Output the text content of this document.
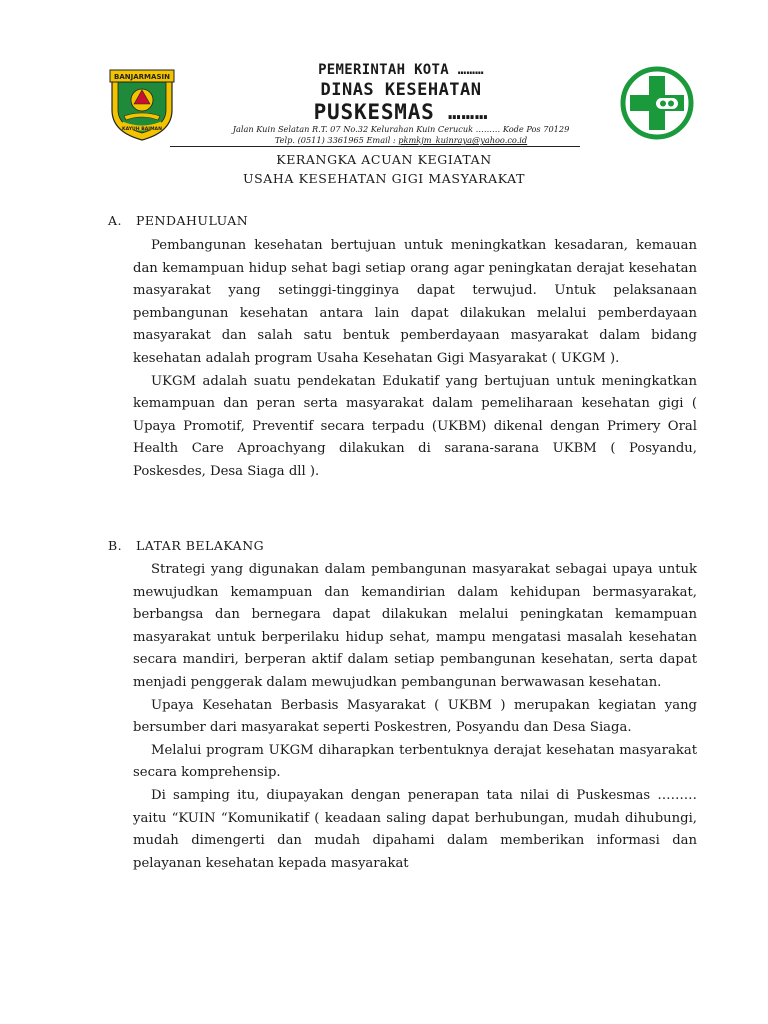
BANJARMASIN
KAYUH BAIMAN
PEMERINTAH KOTA ………
DINAS KESEHATAN
PUSKESMAS ………
Jalan Kuin Selatan R.T. 07 No.32 Kelurahan Kuin Cerucuk ……… Kode Pos 70129
Telp. (0511) 3361965 Email : pkmkjm_kuinraya@yahoo.co.id
KERANGKA ACUAN KEGIATAN
USAHA KESEHATAN GIGI MASYARAKAT
A. PENDAHULUAN

Pembangunan kesehatan bertujuan untuk meningkatkan kesadaran, kemauan dan kemampuan hidup sehat bagi setiap orang agar peningkatan derajat kesehatan masyarakat yang setinggi-tingginya dapat terwujud. Untuk pelaksanaan pembangunan kesehatan antara lain dapat dilakukan melalui pemberdayaan masyarakat dan salah satu bentuk pemberdayaan masyarakat dalam bidang kesehatan adalah program Usaha Kesehatan Gigi Masyarakat ( UKGM ).

UKGM adalah suatu pendekatan Edukatif yang bertujuan untuk meningkatkan kemampuan dan peran serta masyarakat dalam pemeliharaan kesehatan gigi ( Upaya Promotif, Preventif secara terpadu (UKBM) dikenal dengan Primery Oral Health Care Aproachyang dilakukan di sarana-sarana UKBM ( Posyandu, Poskesdes, Desa Siaga dll ).

B. LATAR BELAKANG

Strategi yang digunakan dalam pembangunan masyarakat sebagai upaya untuk mewujudkan kemampuan dan kemandirian dalam kehidupan bermasyarakat, berbangsa dan bernegara dapat dilakukan melalui peningkatan kemampuan masyarakat untuk berperilaku hidup sehat, mampu mengatasi masalah kesehatan secara mandiri, berperan aktif dalam setiap pembangunan kesehatan, serta dapat menjadi penggerak dalam mewujudkan pembangunan berwawasan kesehatan.

Upaya Kesehatan Berbasis Masyarakat ( UKBM ) merupakan kegiatan yang bersumber dari masyarakat seperti Poskestren, Posyandu dan Desa Siaga.

Melalui program UKGM diharapkan terbentuknya derajat kesehatan masyarakat secara komprehensip.

Di samping itu, diupayakan dengan penerapan tata nilai di Puskesmas ……… yaitu “KUIN “Komunikatif ( keadaan saling dapat berhubungan, mudah dihubungi, mudah dimengerti dan mudah dipahami dalam memberikan informasi dan pelayanan kesehatan kepada masyarakat
